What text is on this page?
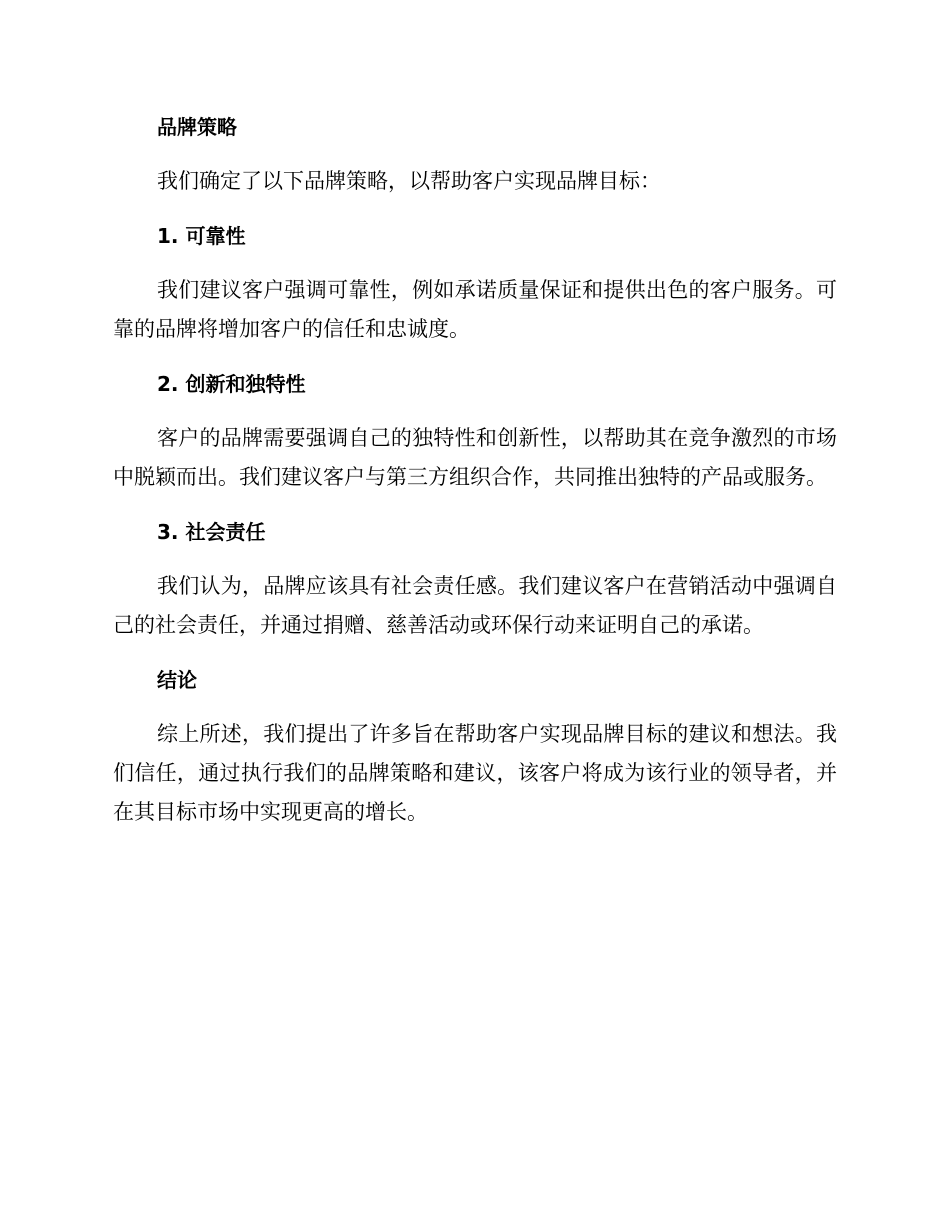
品牌策略

我们确定了以下品牌策略，以帮助客户实现品牌目标：

1. 可靠性

我们建议客户强调可靠性，例如承诺质量保证和提供出色的客户服务。可靠的品牌将增加客户的信任和忠诚度。

2. 创新和独特性

客户的品牌需要强调自己的独特性和创新性，以帮助其在竞争激烈的市场中脱颖而出。我们建议客户与第三方组织合作，共同推出独特的产品或服务。

3. 社会责任

我们认为，品牌应该具有社会责任感。我们建议客户在营销活动中强调自己的社会责任，并通过捐赠、慈善活动或环保行动来证明自己的承诺。

结论

综上所述，我们提出了许多旨在帮助客户实现品牌目标的建议和想法。我们信任，通过执行我们的品牌策略和建议，该客户将成为该行业的领导者，并在其目标市场中实现更高的增长。
